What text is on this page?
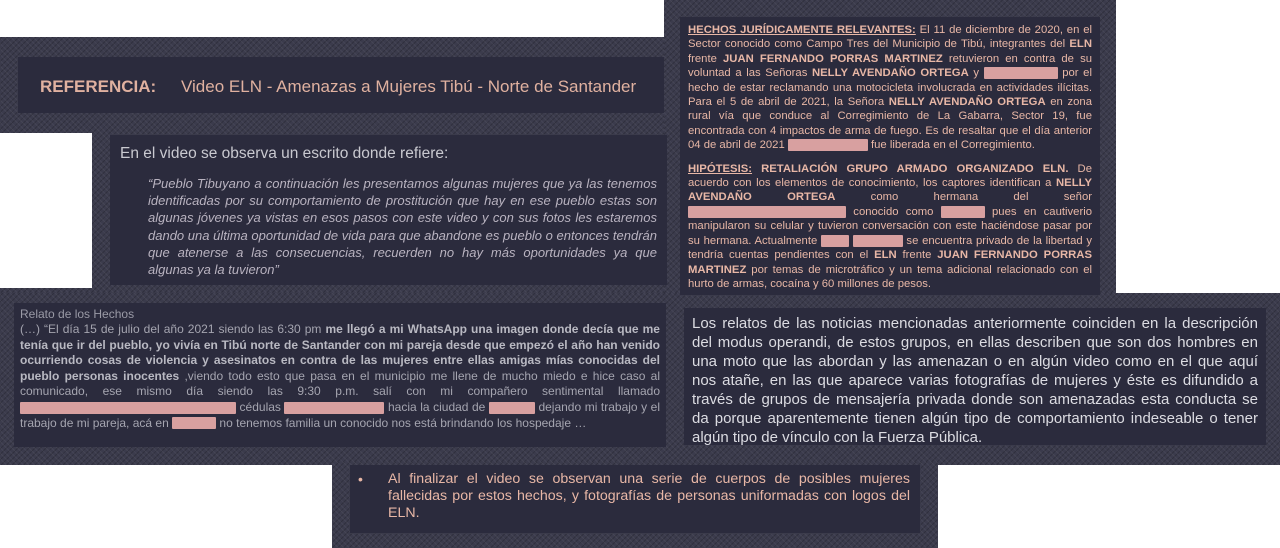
REFERENCIA: Video ELN - Amenazas a Mujeres Tibú - Norte de Santander

En el video se observa un escrito donde refiere:

“Pueblo Tibuyano a continuación les presentamos algunas mujeres que ya las tenemos identificadas por su comportamiento de prostitución que hay en ese pueblo estas son algunas jóvenes ya vistas en esos pasos con este video y con sus fotos les estaremos dando una última oportunidad de vida para que abandone es pueblo o entonces tendrán que atenerse a las consecuencias, recuerden no hay más oportunidades ya que algunas ya la tuvieron”

Relato de los Hechos

(…) “El día 15 de julio del año 2021 siendo las 6:30 pm me llegó a mi WhatsApp una imagen donde decía que me tenía que ir del pueblo, yo vivía en Tibú norte de Santander con mi pareja desde que empezó el año han venido ocurriendo cosas de violencia y asesinatos en contra de las mujeres entre ellas amigas mías conocidas del pueblo personas inocentes ,viendo todo esto que pasa en el municipio me llene de mucho miedo e hice caso al comunicado, ese mismo día siendo las 9:30 p.m. salí con mi compañero sentimental llamado cédulas	hacia la ciudad de	dejando mi trabajo y el trabajo de mi pareja, acá en	no tenemos familia un conocido nos está brindando los hospedaje …

HECHOS JURÍDICAMENTE RELEVANTES: El 11 de diciembre de 2020, en el Sector conocido como Campo Tres del Municipio de Tibú, integrantes del ELN frente JUAN FERNANDO PORRAS MARTINEZ retuvieron en contra de su voluntad a las Señoras NELLY AVENDAÑO ORTEGA y	por el hecho de estar reclamando una motocicleta involucrada en actividades ilícitas. Para el 5 de abril de 2021, la Señora NELLY AVENDAÑO ORTEGA en zona rural vía que conduce al Corregimiento de La Gabarra, Sector 19, fue encontrada con 4 impactos de arma de fuego. Es de resaltar que el día anterior 04 de abril de 2021	fue liberada en el Corregimiento.

HIPÓTESIS: RETALIACIÓN GRUPO ARMADO ORGANIZADO ELN. De acuerdo con los elementos de conocimiento, los captores identifican a NELLY AVENDAÑO ORTEGA como hermana del señor  conocido como	pues en cautiverio manipularon su celular y tuvieron conversación con este haciéndose pasar por su hermana. Actualmente	se encuentra privado de la libertad y tendría cuentas pendientes con el ELN frente JUAN FERNANDO PORRAS MARTINEZ por temas de microtráfico y un tema adicional relacionado con el hurto de armas, cocaína y 60 millones de pesos.

Los relatos de las noticias mencionadas anteriormente coinciden en la descripción del modus operandi, de estos grupos, en ellas describen que son dos hombres en una moto que las abordan y las amenazan o en algún video como en el que aquí nos atañe, en las que aparece varias fotografías de mujeres y éste es difundido a través de grupos de mensajería privada donde son amenazadas esta conducta se da porque aparentemente tienen algún tipo de comportamiento indeseable o tener algún tipo de vínculo con la Fuerza Pública.
• Al finalizar el video se observan una serie de cuerpos de posibles mujeres fallecidas por estos hechos, y fotografías de personas uniformadas con logos del ELN.
